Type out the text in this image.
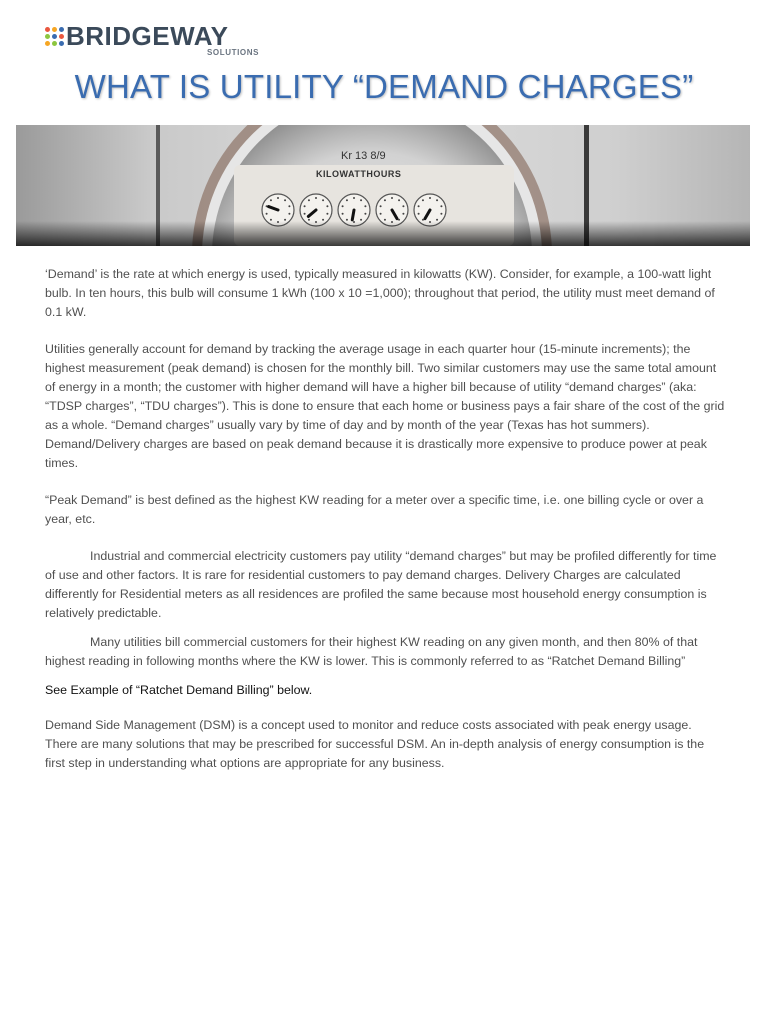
BRIDGEWAY
SOLUTIONS
WHAT IS UTILITY “DEMAND CHARGES”
Kr 13 8/9
KILOWATTHOURS

‘Demand’ is the rate at which energy is used, typically measured in kilowatts (KW). Consider, for example, a 100-watt light bulb. In ten hours, this bulb will consume 1 kWh (100 x 10 =1,000); throughout that period, the utility must meet demand of 0.1 kW.

Utilities generally account for demand by tracking the average usage in each quarter hour (15-minute increments); the highest measurement (peak demand) is chosen for the monthly bill. Two similar customers may use the same total amount of energy in a month; the customer with higher demand will have a higher bill because of utility “demand charges” (aka: “TDSP charges”, “TDU charges”). This is done to ensure that each home or business pays a fair share of the cost of the grid as a whole. “Demand charges” usually vary by time of day and by month of the year (Texas has hot summers). Demand/Delivery charges are based on peak demand because it is drastically more expensive to produce power at peak times.

“Peak Demand” is best defined as the highest KW reading for a meter over a specific time, i.e. one billing cycle or over a year, etc.

Industrial and commercial electricity customers pay utility “demand charges” but may be profiled differently for time of use and other factors. It is rare for residential customers to pay demand charges. Delivery Charges are calculated differently for Residential meters as all residences are profiled the same because most household energy consumption is relatively predictable.

Many utilities bill commercial customers for their highest KW reading on any given month, and then 80% of that highest reading in following months where the KW is lower. This is commonly referred to as “Ratchet Demand Billing”

See Example of “Ratchet Demand Billing” below.

Demand Side Management (DSM) is a concept used to monitor and reduce costs associated with peak energy usage. There are many solutions that may be prescribed for successful DSM. An in-depth analysis of energy consumption is the first step in understanding what options are appropriate for any business.
